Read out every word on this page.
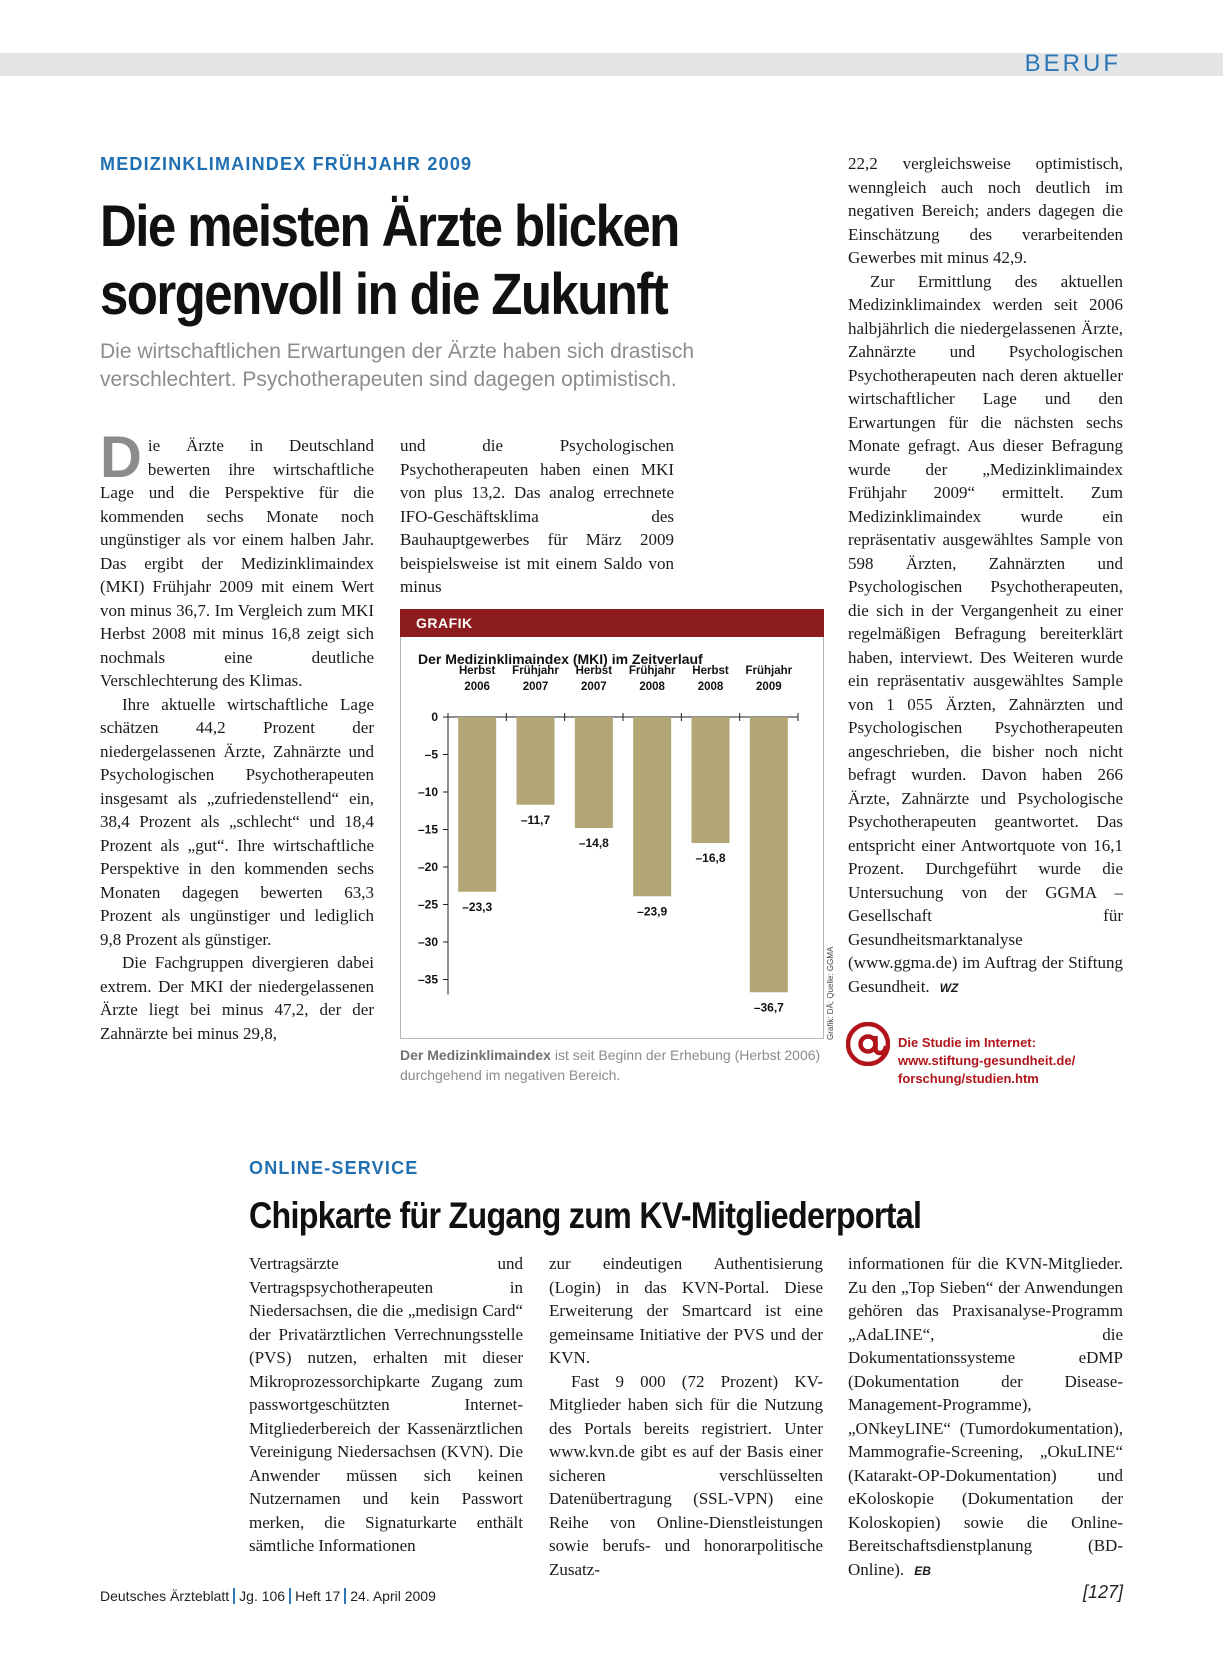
BERUF
MEDIZINKLIMAINDEX FRÜHJAHR 2009
Die meisten Ärzte blicken sorgenvoll in die Zukunft
Die wirtschaftlichen Erwartungen der Ärzte haben sich drastisch verschlechtert. Psychotherapeuten sind dagegen optimistisch.

Die Ärzte in Deutschland bewerten ihre wirtschaftliche Lage und die Perspektive für die kommenden sechs Monate noch ungünstiger als vor einem halben Jahr. Das ergibt der Medizinklimaindex (MKI) Frühjahr 2009 mit einem Wert von minus 36,7. Im Vergleich zum MKI Herbst 2008 mit minus 16,8 zeigt sich nochmals eine deutliche Verschlechterung des Klimas.

Ihre aktuelle wirtschaftliche Lage schätzen 44,2 Prozent der niedergelassenen Ärzte, Zahnärzte und Psychologischen Psychotherapeuten insgesamt als „zufriedenstellend“ ein, 38,4 Prozent als „schlecht“ und 18,4 Prozent als „gut“. Ihre wirtschaftliche Perspektive in den kommenden sechs Monaten dagegen bewerten 63,3 Prozent als ungünstiger und lediglich 9,8 Prozent als günstiger.

Die Fachgruppen divergieren dabei extrem. Der MKI der niedergelassenen Ärzte liegt bei minus 47,2, der der Zahnärzte bei minus 29,8,

und die Psychologischen Psychotherapeuten haben einen MKI von plus 13,2. Das analog errechnete IFO-Geschäftsklima des Bauhauptgewerbes für März 2009 beispielsweise ist mit einem Saldo von minus

GRAFIK
Der Medizinklimaindex (MKI) im Zeitverlauf
0
–5
–10
–15
–20
–25
–30
–35
Herbst
2006
–23,3
Frühjahr
2007
–11,7
Herbst
2007
–14,8
Frühjahr
2008
–23,9
Herbst
2008
–16,8
Frühjahr
2009
–36,7	Grafik: DÄ; Quelle: GGMA
Der Medizinklimaindex ist seit Beginn der Erhebung (Herbst 2006) durchgehend im negativen Bereich.

22,2 vergleichsweise optimistisch, wenngleich auch noch deutlich im negativen Bereich; anders dagegen die Einschätzung des verarbeitenden Gewerbes mit minus 42,9.

Zur Ermittlung des aktuellen Medizinklimaindex werden seit 2006 halbjährlich die niedergelassenen Ärzte, Zahnärzte und Psychologischen Psychotherapeuten nach deren aktueller wirtschaftlicher Lage und den Erwartungen für die nächsten sechs Monate gefragt. Aus dieser Befragung wurde der „Medizinklimaindex Frühjahr 2009“ ermittelt. Zum Medizinklimaindex wurde ein repräsentativ ausgewähltes Sample von 598 Ärzten, Zahnärzten und Psychologischen Psychotherapeuten, die sich in der Vergangenheit zu einer regelmäßigen Befragung bereiterklärt haben, interviewt. Des Weiteren wurde ein repräsentativ ausgewähltes Sample von 1 055 Ärzten, Zahnärzten und Psychologischen Psychotherapeuten angeschrieben, die bisher noch nicht befragt wurden. Davon haben 266 Ärzte, Zahnärzte und Psychologische Psychotherapeuten geantwortet. Das entspricht einer Antwortquote von 16,1 Prozent. Durchgeführt wurde die Untersuchung von der GGMA – Gesellschaft für Gesundheitsmarktanalyse (www.ggma.de) im Auftrag der Stiftung Gesundheit. WZ

Die Studie im Internet:
www.stiftung-gesundheit.de/
forschung/studien.htm
ONLINE-SERVICE
Chipkarte für Zugang zum KV-Mitgliederportal

Vertragsärzte und Vertragspsychotherapeuten in Niedersachsen, die die „medisign Card“ der Privatärztlichen Verrechnungsstelle (PVS) nutzen, erhalten mit dieser Mikroprozessorchipkarte Zugang zum passwortgeschützten Internet-Mitgliederbereich der Kassenärztlichen Vereinigung Niedersachsen (KVN). Die Anwender müssen sich keinen Nutzernamen und kein Passwort merken, die Signaturkarte enthält sämtliche Informationen

zur eindeutigen Authentisierung (Login) in das KVN-Portal. Diese Erweiterung der Smartcard ist eine gemeinsame Initiative der PVS und der KVN.

Fast 9 000 (72 Prozent) KV-Mitglieder haben sich für die Nutzung des Portals bereits registriert. Unter www.kvn.de gibt es auf der Basis einer sicheren verschlüsselten Datenübertragung (SSL-VPN) eine Reihe von Online-Dienstleistungen sowie berufs- und honorarpolitische Zusatz-

informationen für die KVN-Mitglieder. Zu den „Top Sieben“ der Anwendungen gehören das Praxisanalyse-Programm „AdaLINE“, die Dokumentationssysteme eDMP (Dokumentation der Disease-Management-Programme), „ONkeyLINE“ (Tumordokumentation), Mammografie-Screening, „OkuLINE“ (Katarakt-OP-Dokumentation) und eKoloskopie (Dokumentation der Koloskopien) sowie die Online-Bereitschaftsdienstplanung (BD-Online). EB

Deutsches Ärzteblatt Jg. 106 Heft 17 24. April 2009	[127]
